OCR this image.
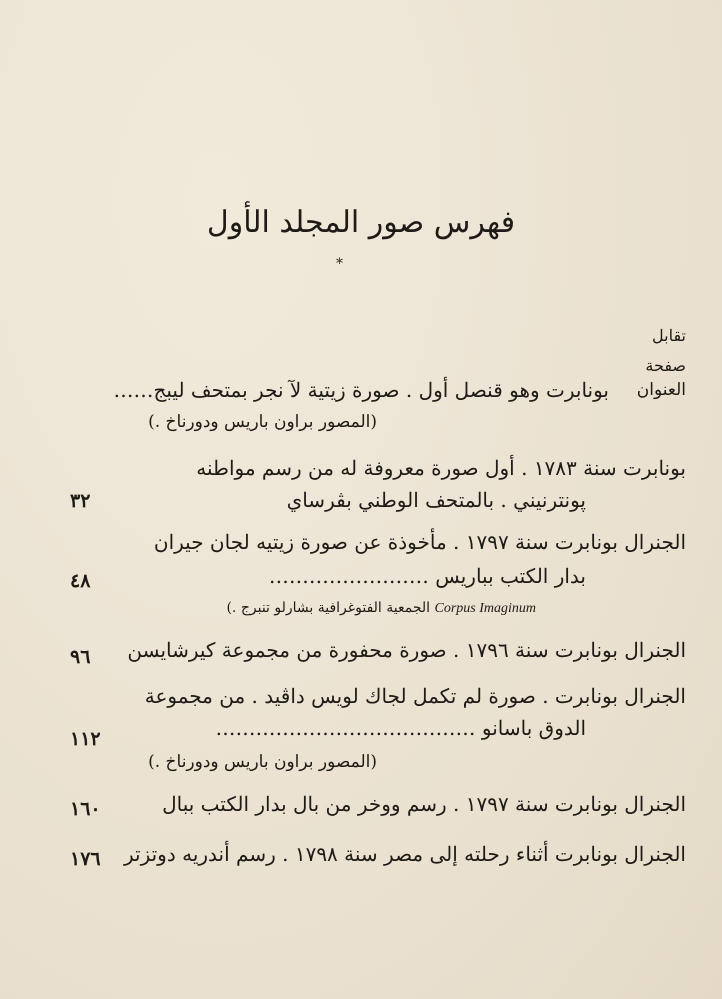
فهرس صور المجلد الأول
*
تقابل
صفحة
بونابرت وهو قنصل أول . صورة زيتية لآ نجر بمتحف ليبج…… العنوان
(المصور براون باريس ودورناخ .)
بونابرت سنة ١٧٨٣ . أول صورة معروفة له من رسم مواطنه
پونترنيني . بالمتحف الوطني بڤرساي
٣٢
الجنرال بونابرت سنة ١٧٩٧ . مأخوذة عن صورة زيتيه لجان جيران
بدار الكتب بباريس ……………………
٤٨
Corpus Imaginum الجمعية الفتوغرافية بشارلو تنبرج .)
الجنرال بونابرت سنة ١٧٩٦ . صورة محفورة من مجموعة كيرشايسن
٩٦
الجنرال بونابرت . صورة لم تكمل لجاك لويس داڤيد . من مجموعة
الدوق باسانو …………………………………
١١٢
(المصور براون باريس ودورناخ .)
الجنرال بونابرت سنة ١٧٩٧ . رسم ووخر من بال بدار الكتب ببال
١٦٠
الجنرال بونابرت أثناء رحلته إلى مصر سنة ١٧٩٨ . رسم أندريه دوتزتر
١٧٦
